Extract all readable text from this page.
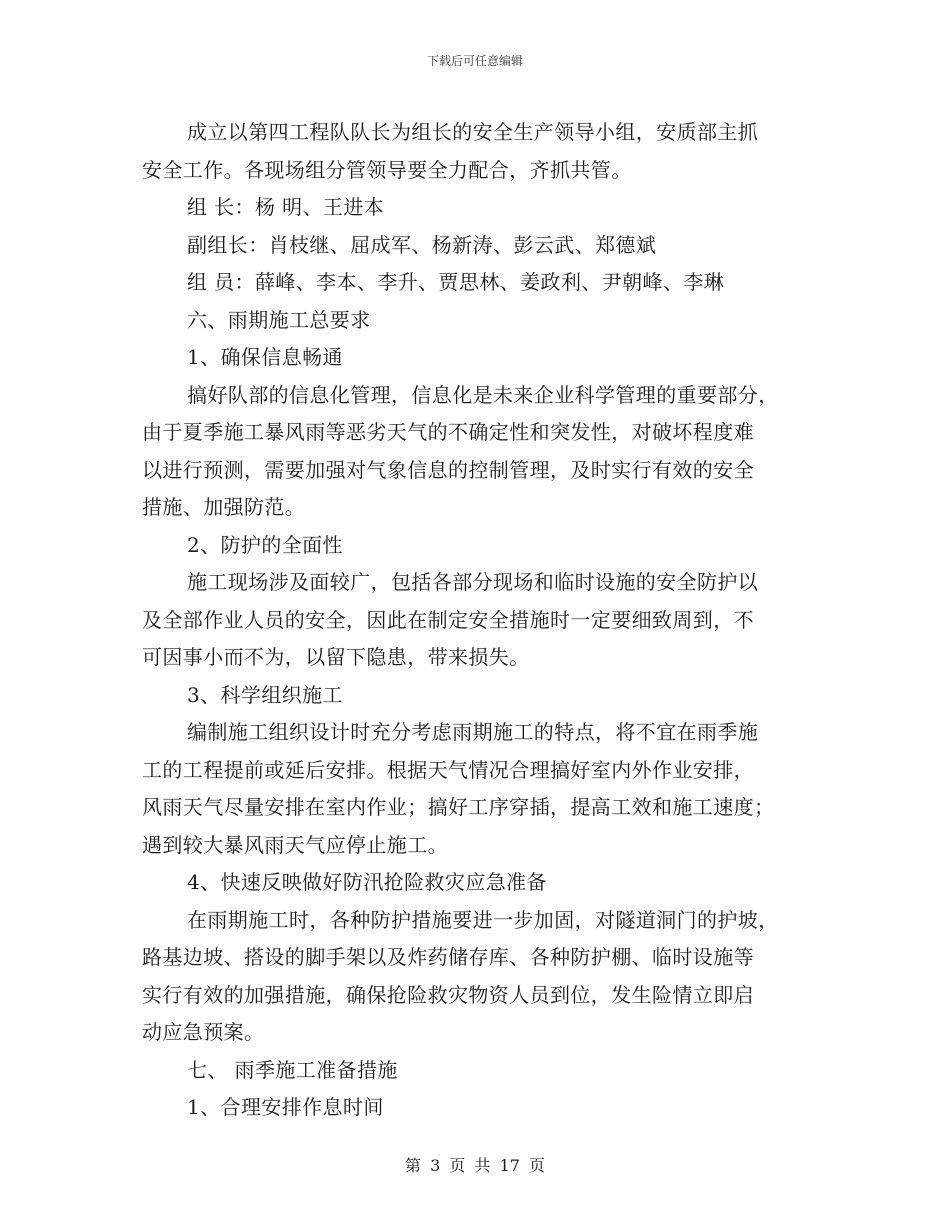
下载后可任意编辑
成立以第四工程队队长为组长的安全生产领导小组，安质部主抓
安全工作。各现场组分管领导要全力配合，齐抓共管。
组 长：杨 明、王进本
副组长：肖枝继、屈成军、杨新涛、彭云武、郑德斌
组 员：薛峰、李本、李升、贾思林、姜政利、尹朝峰、李琳
六、雨期施工总要求
1、确保信息畅通
搞好队部的信息化管理，信息化是未来企业科学管理的重要部分，
由于夏季施工暴风雨等恶劣天气的不确定性和突发性，对破坏程度难
以进行预测，需要加强对气象信息的控制管理，及时实行有效的安全
措施、加强防范。
2、防护的全面性
施工现场涉及面较广，包括各部分现场和临时设施的安全防护以
及全部作业人员的安全，因此在制定安全措施时一定要细致周到，不
可因事小而不为，以留下隐患，带来损失。
3、科学组织施工
编制施工组织设计时充分考虑雨期施工的特点，将不宜在雨季施
工的工程提前或延后安排。根据天气情况合理搞好室内外作业安排，
风雨天气尽量安排在室内作业；搞好工序穿插，提高工效和施工速度；
遇到较大暴风雨天气应停止施工。
4、快速反映做好防汛抢险救灾应急准备
在雨期施工时，各种防护措施要进一步加固，对隧道洞门的护坡，
路基边坡、搭设的脚手架以及炸药储存库、各种防护棚、临时设施等
实行有效的加强措施，确保抢险救灾物资人员到位，发生险情立即启
动应急预案。
七、 雨季施工准备措施
1、合理安排作息时间
第 3 页 共 17 页
